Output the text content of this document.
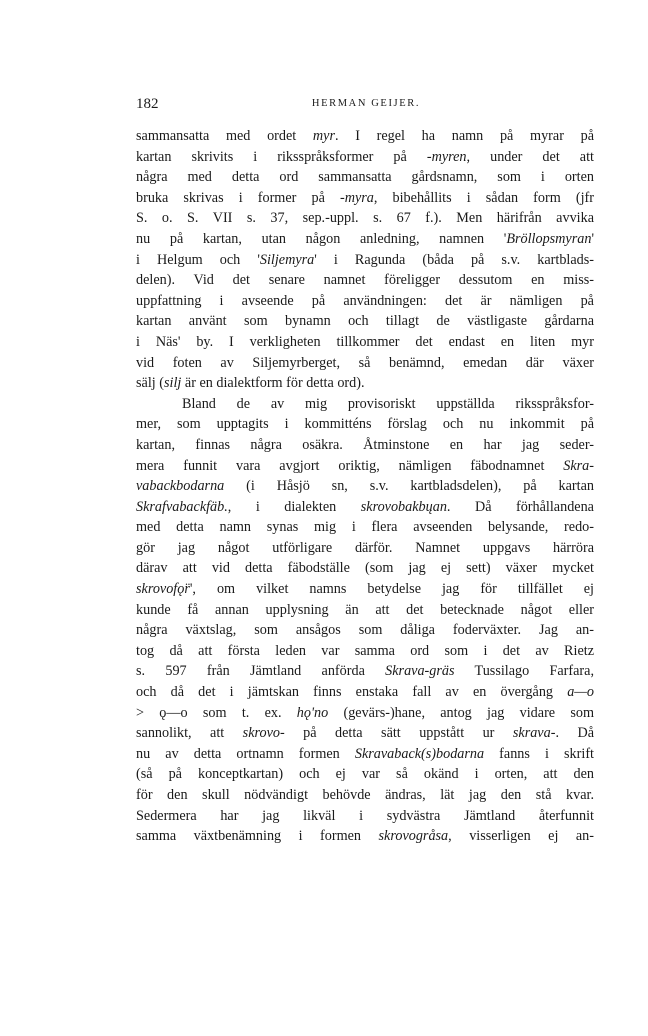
182	HERMAN GEIJER.
sammansatta med ordet myr. I regel ha namn på myrar på
kartan skrivits i riksspråksformer på -myren, under det att
några med detta ord sammansatta gårdsnamn, som i orten
bruka skrivas i former på -myra, bibehållits i sådan form (jfr
S. o. S. VII s. 37, sep.-uppl. s. 67 f.). Men härifrån avvika
nu på kartan, utan någon anledning, namnen 'Bröllopsmyran'
i Helgum och 'Siljemyra' i Ragunda (båda på s.v. kartblads-
delen). Vid det senare namnet föreligger dessutom en miss-
uppfattning i avseende på användningen: det är nämligen på
kartan använt som bynamn och tillagt de västligaste gårdarna
i Näs' by. I verkligheten tillkommer det endast en liten myr
vid foten av Siljemyrberget, så benämnd, emedan där växer
sälj (silj är en dialektform för detta ord).
Bland de av mig provisoriskt uppställda riksspråksfor-
mer, som upptagits i kommitténs förslag och nu inkommit på
kartan, finnas några osäkra. Åtminstone en har jag seder-
mera funnit vara avgjort oriktig, nämligen fäbodnamnet Skra-
vabackbodarna (i Håsjö sn, s.v. kartbladsdelen), på kartan
Skrafvabackfäb., i dialekten skrovobakbųan. Då förhållandena
med detta namn synas mig i flera avseenden belysande, redo-
gör jag något utförligare därför. Namnet uppgavs härröra
därav att vid detta fäbodställe (som jag ej sett) växer mycket
skrovofǫ̈r', om vilket namns betydelse jag för tillfället ej
kunde få annan upplysning än att det betecknade något eller
några växtslag, som ansågos som dåliga foderväxter. Jag an-
tog då att första leden var samma ord som i det av Rietz
s. 597 från Jämtland anförda Skrava-gräs Tussilago Farfara,
och då det i jämtskan finns enstaka fall av en övergång a—o
> ǫ—o som t. ex. hǫ'no (gevärs-)hane, antog jag vidare som
sannolikt, att skrovo- på detta sätt uppstått ur skrava-. Då
nu av detta ortnamn formen Skravaback(s)bodarna fanns i skrift
(så på konceptkartan) och ej var så okänd i orten, att den
för den skull nödvändigt behövde ändras, lät jag den stå kvar.
Sedermera har jag likväl i sydvästra Jämtland återfunnit
samma växtbenämning i formen skrovogråsa, visserligen ej an-
